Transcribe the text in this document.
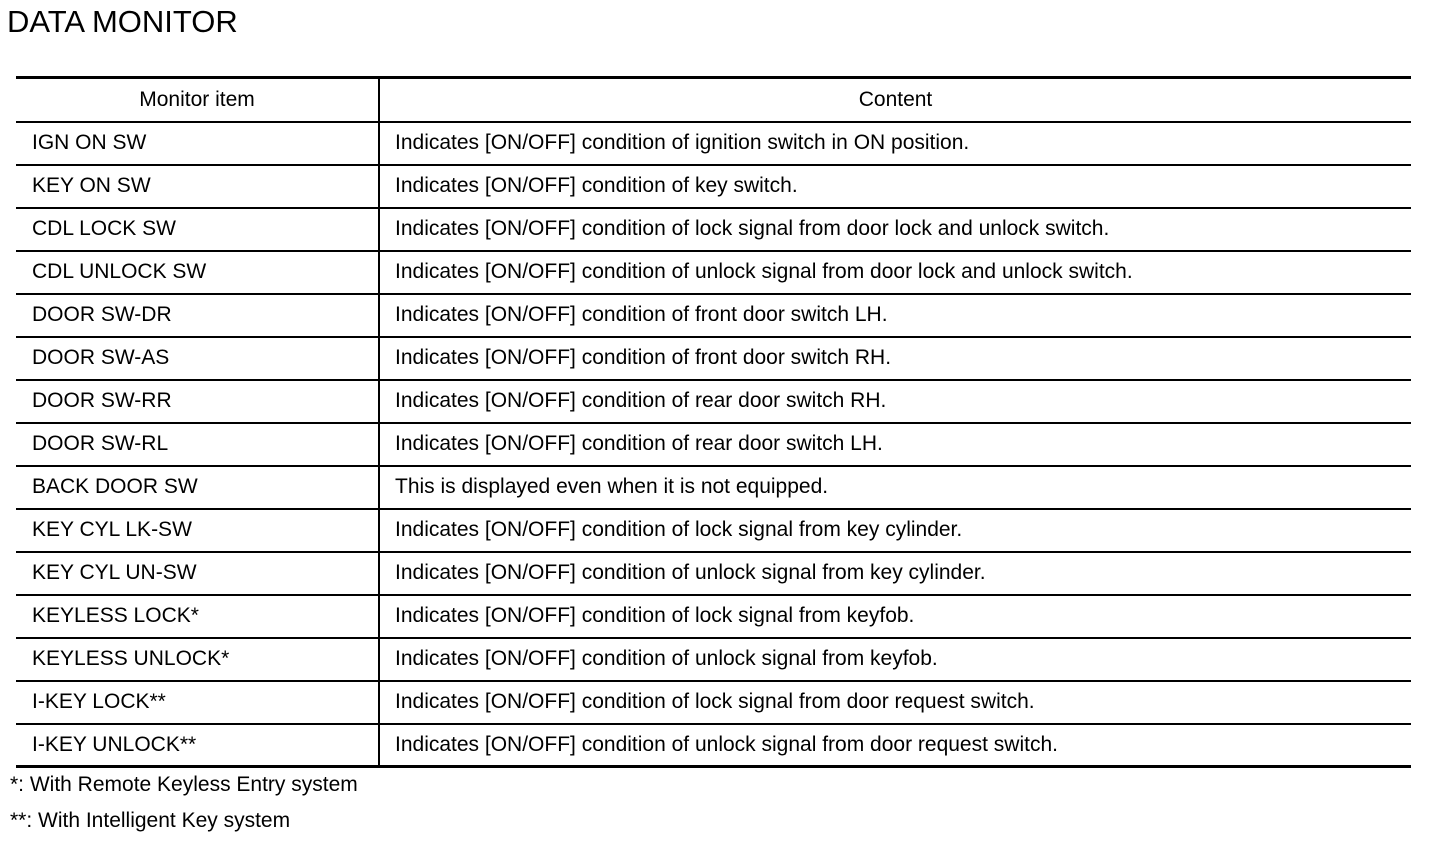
DATA MONITOR
Monitor item	Content
IGN ON SW	Indicates [ON/OFF] condition of ignition switch in ON position.
KEY ON SW	Indicates [ON/OFF] condition of key switch.
CDL LOCK SW	Indicates [ON/OFF] condition of lock signal from door lock and unlock switch.
CDL UNLOCK SW	Indicates [ON/OFF] condition of unlock signal from door lock and unlock switch.
DOOR SW-DR	Indicates [ON/OFF] condition of front door switch LH.
DOOR SW-AS	Indicates [ON/OFF] condition of front door switch RH.
DOOR SW-RR	Indicates [ON/OFF] condition of rear door switch RH.
DOOR SW-RL	Indicates [ON/OFF] condition of rear door switch LH.
BACK DOOR SW	This is displayed even when it is not equipped.
KEY CYL LK-SW	Indicates [ON/OFF] condition of lock signal from key cylinder.
KEY CYL UN-SW	Indicates [ON/OFF] condition of unlock signal from key cylinder.
KEYLESS LOCK*	Indicates [ON/OFF] condition of lock signal from keyfob.
KEYLESS UNLOCK*	Indicates [ON/OFF] condition of unlock signal from keyfob.
I-KEY LOCK**	Indicates [ON/OFF] condition of lock signal from door request switch.
I-KEY UNLOCK**	Indicates [ON/OFF] condition of unlock signal from door request switch.
*: With Remote Keyless Entry system
**: With Intelligent Key system
